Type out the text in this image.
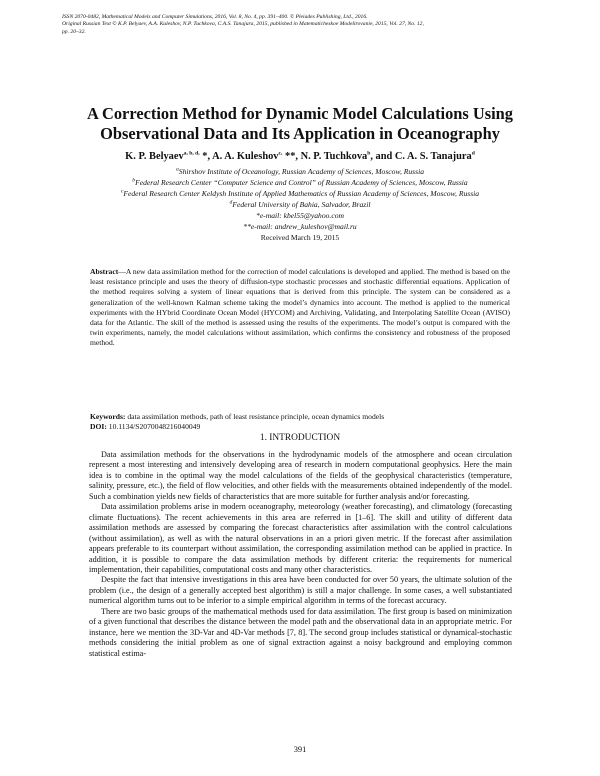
ISSN 2070-0482, Mathematical Models and Computer Simulations, 2016, Vol. 8, No. 4, pp. 391–400. © Pleiades Publishing, Ltd., 2016.
Original Russian Text © K.P. Belyaev, A.A. Kuleshov, N.P. Tuchkova, C.A.S. Tanajura, 2015, published in Matematicheskoe Modelirovanie, 2015, Vol. 27, No. 12,
pp. 20–32.
A Correction Method for Dynamic Model Calculations Using
Observational Data and Its Application in Oceanography
K. P. Belyaev$^{a, b, d,}$ *, A. A. Kuleshov$^{c,}$ **, N. P. Tuchkova$^b$, and C. A. S. Tanajura$^d$
$^a$Shirshov Institute of Oceanology, Russian Academy of Sciences, Moscow, Russia
$^b$Federal Research Center “Computer Science and Control” of Russian Academy of Sciences, Moscow, Russia
$^c$Federal Research Center Keldysh Institute of Applied Mathematics of Russian Academy of Sciences, Moscow, Russia
$^d$Federal University of Bahia, Salvador, Brazil
*e-mail: kbel55@yahoo.com
**e-mail: andrew_kuleshov@mail.ru
Received March 19, 2015
Abstract—A new data assimilation method for the correction of model calculations is developed and applied. The method is based on the least resistance principle and uses the theory of diffusion-type stochastic processes and stochastic differential equations. Application of the method requires solving a system of linear equations that is derived from this principle. The system can be considered as a generalization of the well-known Kalman scheme taking the model’s dynamics into account. The method is applied to the numerical experiments with the HYbrid Coordinate Ocean Model (HYCOM) and Archiving, Validating, and Interpolating Satellite Ocean (AVISO) data for the Atlantic. The skill of the method is assessed using the results of the experiments. The model’s output is compared with the twin experiments, namely, the model calculations without assimilation, which confirms the consistency and robustness of the proposed method.
Keywords: data assimilation methods, path of least resistance principle, ocean dynamics models
DOI: 10.1134/S2070048216040049
1. INTRODUCTION

Data assimilation methods for the observations in the hydrodynamic models of the atmosphere and ocean circulation represent a most interesting and intensively developing area of research in modern computational geophysics. Here the main idea is to combine in the optimal way the model calculations of the fields of the geophysical characteristics (temperature, salinity, pressure, etc.), the field of flow velocities, and other fields with the measurements obtained independently of the model. Such a combination yields new fields of characteristics that are more suitable for further analysis and/or forecasting.

Data assimilation problems arise in modern oceanography, meteorology (weather forecasting), and climatology (forecasting climate fluctuations). The recent achievements in this area are referred in [1–6]. The skill and utility of different data assimilation methods are assessed by comparing the forecast characteristics after assimilation with the control calculations (without assimilation), as well as with the natural observations in an a priori given metric. If the forecast after assimilation appears preferable to its counterpart without assimilation, the corresponding assimilation method can be applied in practice. In addition, it is possible to compare the data assimilation methods by different criteria: the requirements for numerical implementation, their capabilities, computational costs and many other characteristics.

Despite the fact that intensive investigations in this area have been conducted for over 50 years, the ultimate solution of the problem (i.e., the design of a generally accepted best algorithm) is still a major challenge. In some cases, a well substantiated numerical algorithm turns out to be inferior to a simple empirical algorithm in terms of the forecast accuracy.

There are two basic groups of the mathematical methods used for data assimilation. The first group is based on minimization of a given functional that describes the distance between the model path and the observational data in an appropriate metric. For instance, here we mention the 3D-Var and 4D-Var methods [7, 8]. The second group includes statistical or dynamical-stochastic methods considering the initial problem as one of signal extraction against a noisy background and employing common statistical estima-

391
